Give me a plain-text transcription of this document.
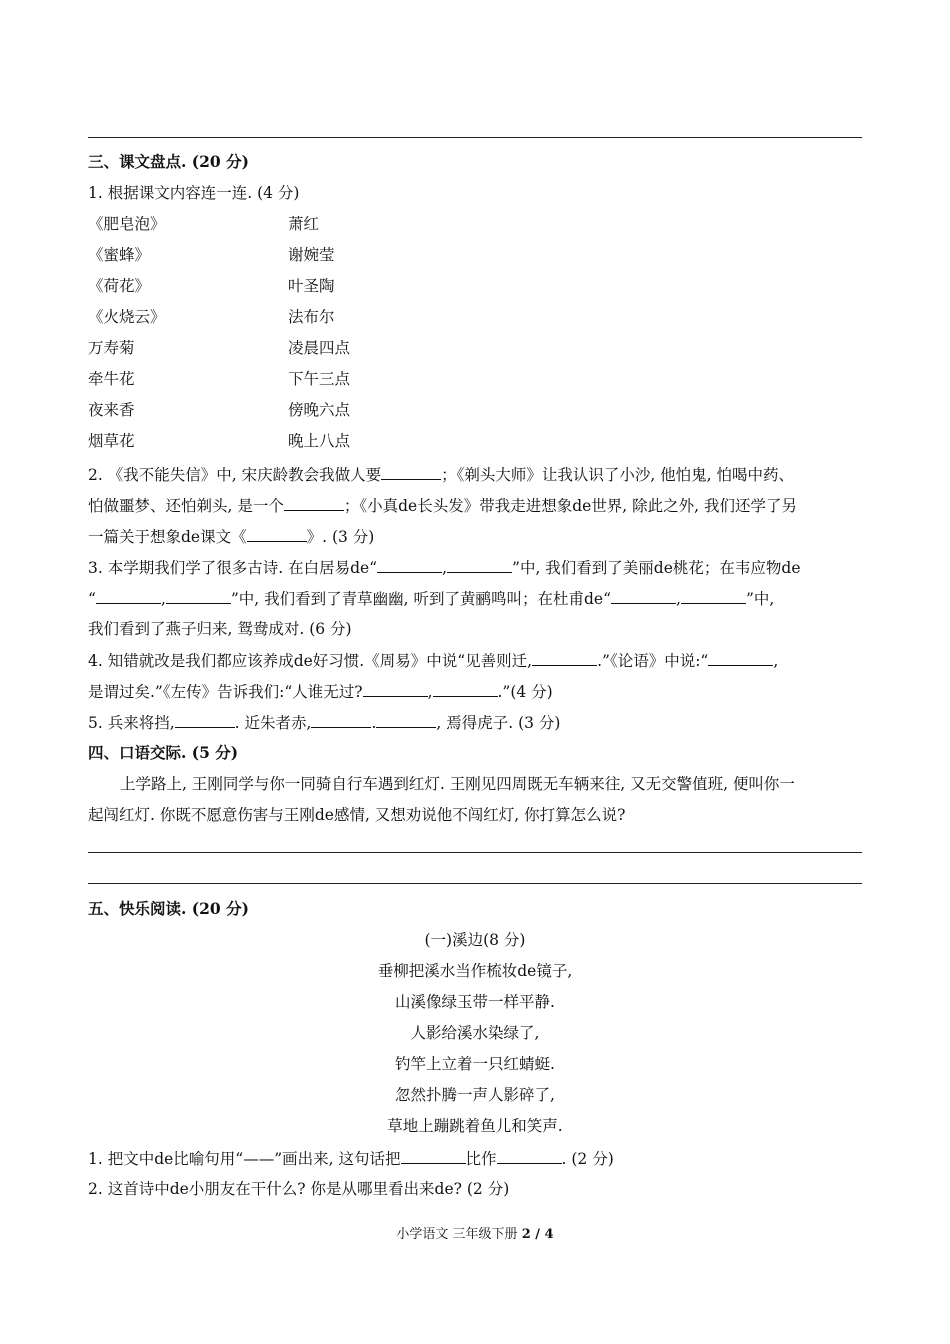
三、课文盘点. (20 分)
1. 根据课文内容连一连. (4 分)
《肥皂泡》	萧红
《蜜蜂》	谢婉莹
《荷花》	叶圣陶
《火烧云》	法布尔
万寿菊	凌晨四点
牵牛花	下午三点
夜来香	傍晚六点
烟草花	晚上八点
2. 《我不能失信》中, 宋庆龄教会我做人要	；《剃头大师》让我认识了小沙, 他怕鬼, 怕喝中药、
怕做噩梦、还怕剃头, 是一个	；《小真de长头发》带我走进想象de世界, 除此之外, 我们还学了另
一篇关于想象de课文《	》. (3 分)
3. 本学期我们学了很多古诗. 在白居易de“	,	”中, 我们看到了美丽de桃花；在韦应物de
“	,	”中, 我们看到了青草幽幽, 听到了黄鹂鸣叫；在杜甫de“	,	”中,
我们看到了燕子归来, 鸳鸯成对. (6 分)
4. 知错就改是我们都应该养成de好习惯.《周易》中说“见善则迁,	.”《论语》中说:“	,
是谓过矣.”《左传》告诉我们:“人谁无过?	,	.”(4 分)
5. 兵来将挡,	. 近朱者赤,	.	, 焉得虎子. (3 分)
四、口语交际. (5 分)
上学路上, 王刚同学与你一同骑自行车遇到红灯. 王刚见四周既无车辆来往, 又无交警值班, 便叫你一
起闯红灯. 你既不愿意伤害与王刚de感情, 又想劝说他不闯红灯, 你打算怎么说?
五、快乐阅读. (20 分)
(一)溪边(8 分)
垂柳把溪水当作梳妆de镜子,
山溪像绿玉带一样平静.
人影给溪水染绿了,
钓竿上立着一只红蜻蜓.
忽然扑腾一声人影碎了,
草地上蹦跳着鱼儿和笑声.
1. 把文中de比喻句用“——”画出来, 这句话把	比作	. (2 分)
2. 这首诗中de小朋友在干什么? 你是从哪里看出来de? (2 分)
小学语文 三年级下册 2 / 4
